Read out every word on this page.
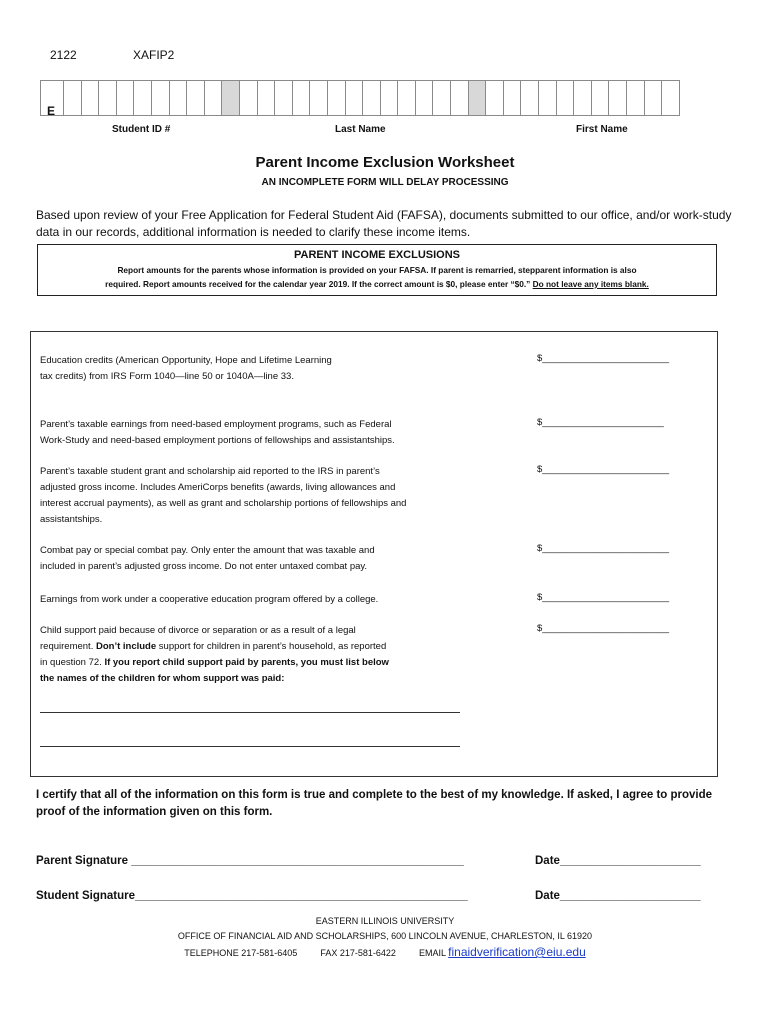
2122	XAFIP2
E
Student ID #	Last Name	First Name
Parent Income Exclusion Worksheet
AN INCOMPLETE FORM WILL DELAY PROCESSING
Based upon review of your Free Application for Federal Student Aid (FAFSA), documents submitted to our office, and/or work-study data in our records, additional information is needed to clarify these income items.
PARENT INCOME EXCLUSIONS
Report amounts for the parents whose information is provided on your FAFSA. If parent is remarried, stepparent information is also
required. Report amounts received for the calendar year 2019. If the correct amount is $0, please enter “$0.” Do not leave any items blank.
Education credits (American Opportunity, Hope and Lifetime Learning
tax credits) from IRS Form 1040—line 50 or 1040A—line 33.
$________________________
Parent’s taxable earnings from need-based employment programs, such as Federal
Work-Study and need-based employment portions of fellowships and assistantships.
$_______________________
Parent’s taxable student grant and scholarship aid reported to the IRS in parent’s
adjusted gross income. Includes AmeriCorps benefits (awards, living allowances and
interest accrual payments), as well as grant and scholarship portions of fellowships and
assistantships.
$________________________
Combat pay or special combat pay. Only enter the amount that was taxable and
included in parent’s adjusted gross income. Do not enter untaxed combat pay.
$________________________
Earnings from work under a cooperative education program offered by a college.	$________________________
Child support paid because of divorce or separation or as a result of a legal
requirement. Don’t include support for children in parent’s household, as reported
in question 72. If you report child support paid by parents, you must list below
the names of the children for whom support was paid:
$________________________
I certify that all of the information on this form is true and complete to the best of my knowledge. If asked, I agree to provide proof of the information given on this form.
Parent Signature ____________________________________________________	Date______________________
Student Signature____________________________________________________	Date______________________
EASTERN ILLINOIS UNIVERSITY
OFFICE OF FINANCIAL AID AND SCHOLARSHIPS, 600 LINCOLN AVENUE, CHARLESTON, IL 61920
TELEPHONE 217-581-6405	FAX 217-581-6422	EMAIL finaidverification@eiu.edu
